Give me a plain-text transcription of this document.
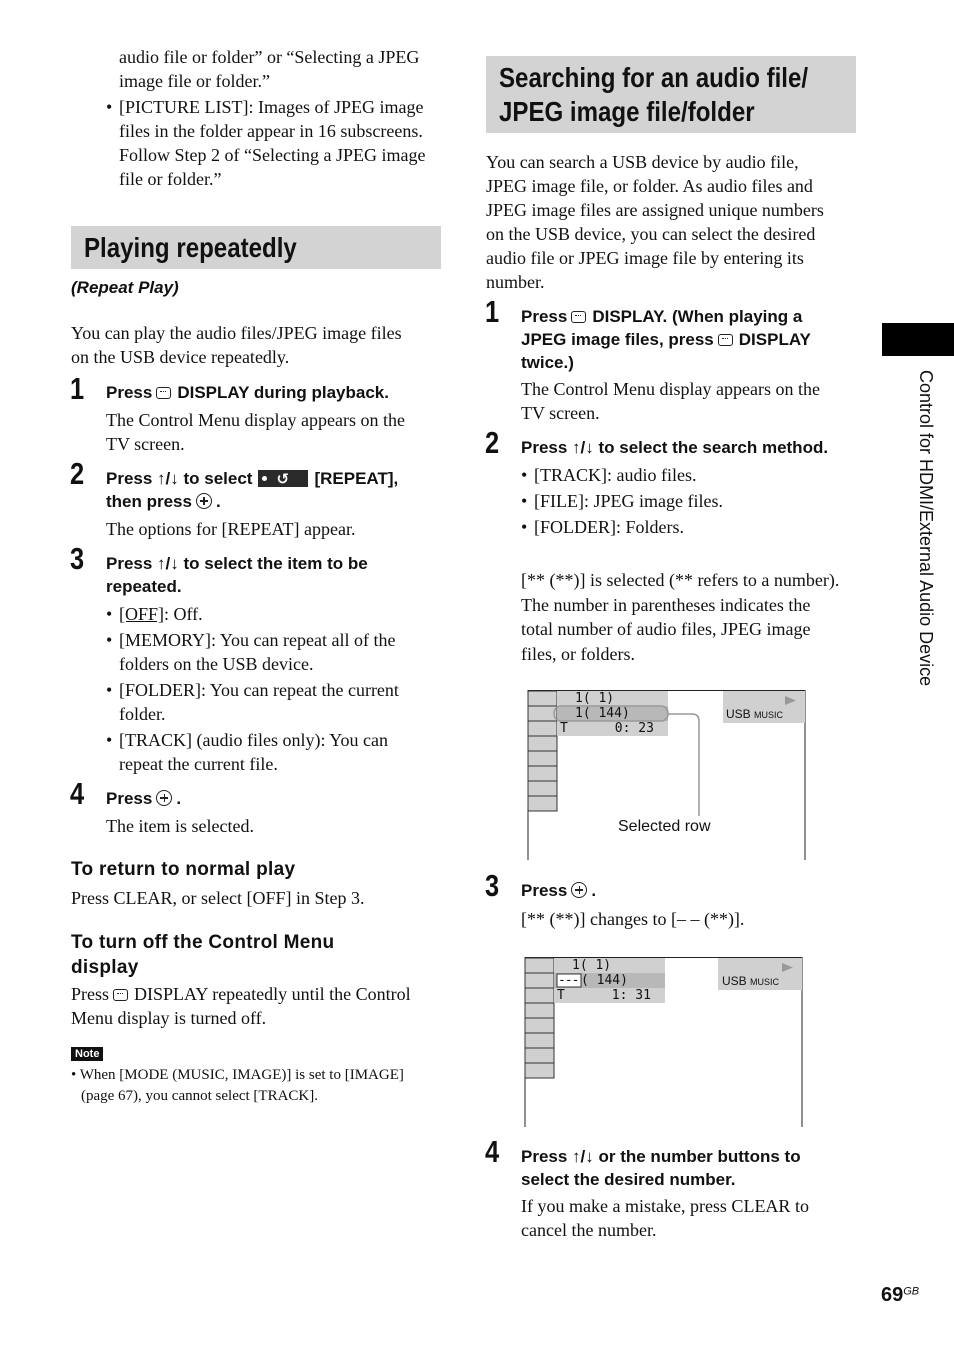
audio file or folder” or “Selecting a JPEG
image file or folder.”
• [PICTURE LIST]: Images of JPEG image
files in the folder appear in 16 subscreens.
Follow Step 2 of “Selecting a JPEG image
file or folder.”
Playing repeatedly
(Repeat Play)
You can play the audio files/JPEG image files
on the USB device repeatedly.
1 Press DISPLAY during playback.
The Control Menu display appears on the
TV screen.
2 Press ↑/↓ to select↺	[REPEAT],
then press .
The options for [REPEAT] appear.
3 Press ↑/↓ to select the item to be
repeated.
• [OFF]: Off.
• [MEMORY]: You can repeat all of the
folders on the USB device.
• [FOLDER]: You can repeat the current
folder.
• [TRACK] (audio files only): You can
repeat the current file.
4 Press .
The item is selected.
To return to normal play
Press CLEAR, or select [OFF] in Step 3.
To turn off the Control Menu
display
Press DISPLAY repeatedly until the Control
Menu display is turned off.
Note
• When [MODE (MUSIC, IMAGE)] is set to [IMAGE]
(page 67), you cannot select [TRACK].
Searching for an audio file/
JPEG image file/folder
You can search a USB device by audio file,
JPEG image file, or folder. As audio files and
JPEG image files are assigned unique numbers
on the USB device, you can select the desired
audio file or JPEG image file by entering its
number.
1 Press DISPLAY. (When playing a
JPEG image files, press DISPLAY
twice.)
The Control Menu display appears on the
TV screen.
2 Press ↑/↓ to select the search method.
• [TRACK]: audio files.
• [FILE]: JPEG image files.
• [FOLDER]: Folders.
[** (**)] is selected (** refers to a number).
The number in parentheses indicates the
total number of audio files, JPEG image
files, or folders.
1( 1)
1( 144)
T      0: 23
USB MUSIC
Selected row
3 Press .
[** (**)] changes to [– – (**)].
1( 1)
--- ( 144)
T      1: 31
USB MUSIC
4 Press ↑/↓ or the number buttons to
select the desired number.
If you make a mistake, press CLEAR to
cancel the number.
Control for HDMI/External Audio Device
$69^{GB}$
